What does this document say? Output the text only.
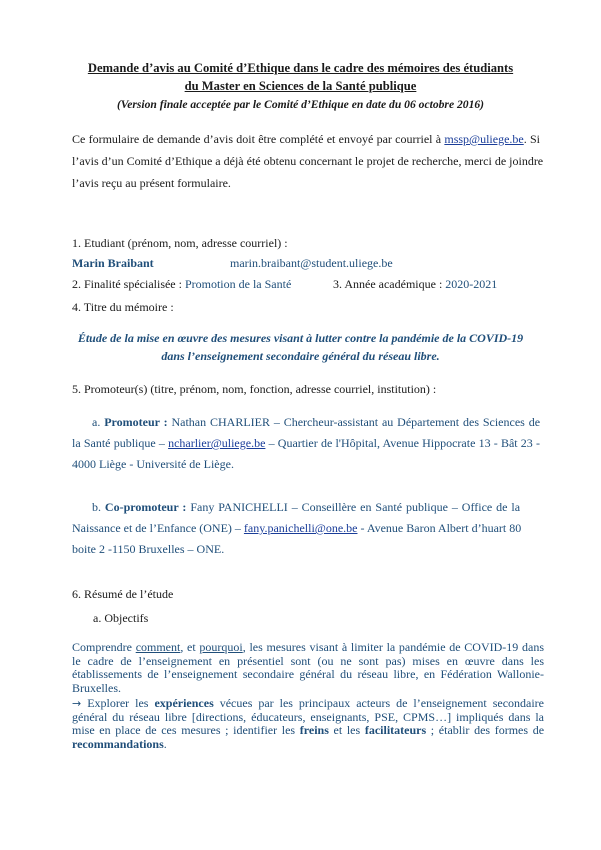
Demande d’avis au Comité d’Ethique dans le cadre des mémoires des étudiants
du Master en Sciences de la Santé publique
(Version finale acceptée par le Comité d’Ethique en date du 06 octobre 2016)
Ce formulaire de demande d’avis doit être complété et envoyé par courriel à mssp@uliege.be. Si
l’avis d’un Comité d’Ethique a déjà été obtenu concernant le projet de recherche, merci de joindre
l’avis reçu au présent formulaire.
1. Etudiant (prénom, nom, adresse courriel) :
Marin Braibant	marin.braibant@student.uliege.be
2. Finalité spécialisée : Promotion de la Santé	3. Année académique : 2020-2021
4. Titre du mémoire :
Étude de la mise en œuvre des mesures visant à lutter contre la pandémie de la COVID-19
dans l’enseignement secondaire général du réseau libre.
5. Promoteur(s) (titre, prénom, nom, fonction, adresse courriel, institution) :
a. Promoteur : Nathan CHARLIER – Chercheur-assistant au Département des Sciences de
la Santé publique – ncharlier@uliege.be – Quartier de l'Hôpital, Avenue Hippocrate 13 - Bât 23 -
4000 Liège - Université de Liège.
b. Co-promoteur : Fany PANICHELLI – Conseillère en Santé publique – Office de la
Naissance et de l’Enfance (ONE) – fany.panichelli@one.be - Avenue Baron Albert d’huart 80
boite 2 -1150 Bruxelles – ONE.
6. Résumé de l’étude
a. Objectifs
Comprendre comment, et pourquoi, les mesures visant à limiter la pandémie de COVID-19 dans le cadre de l’enseignement en présentiel sont (ou ne sont pas) mises en œuvre dans les établissements de l’enseignement secondaire général du réseau libre, en Fédération Wallonie-Bruxelles.
→ Explorer les expériences vécues par les principaux acteurs de l’enseignement secondaire général du réseau libre [directions, éducateurs, enseignants, PSE, CPMS…] impliqués dans la mise en place de ces mesures ; identifier les freins et les facilitateurs ; établir des formes de recommandations.
